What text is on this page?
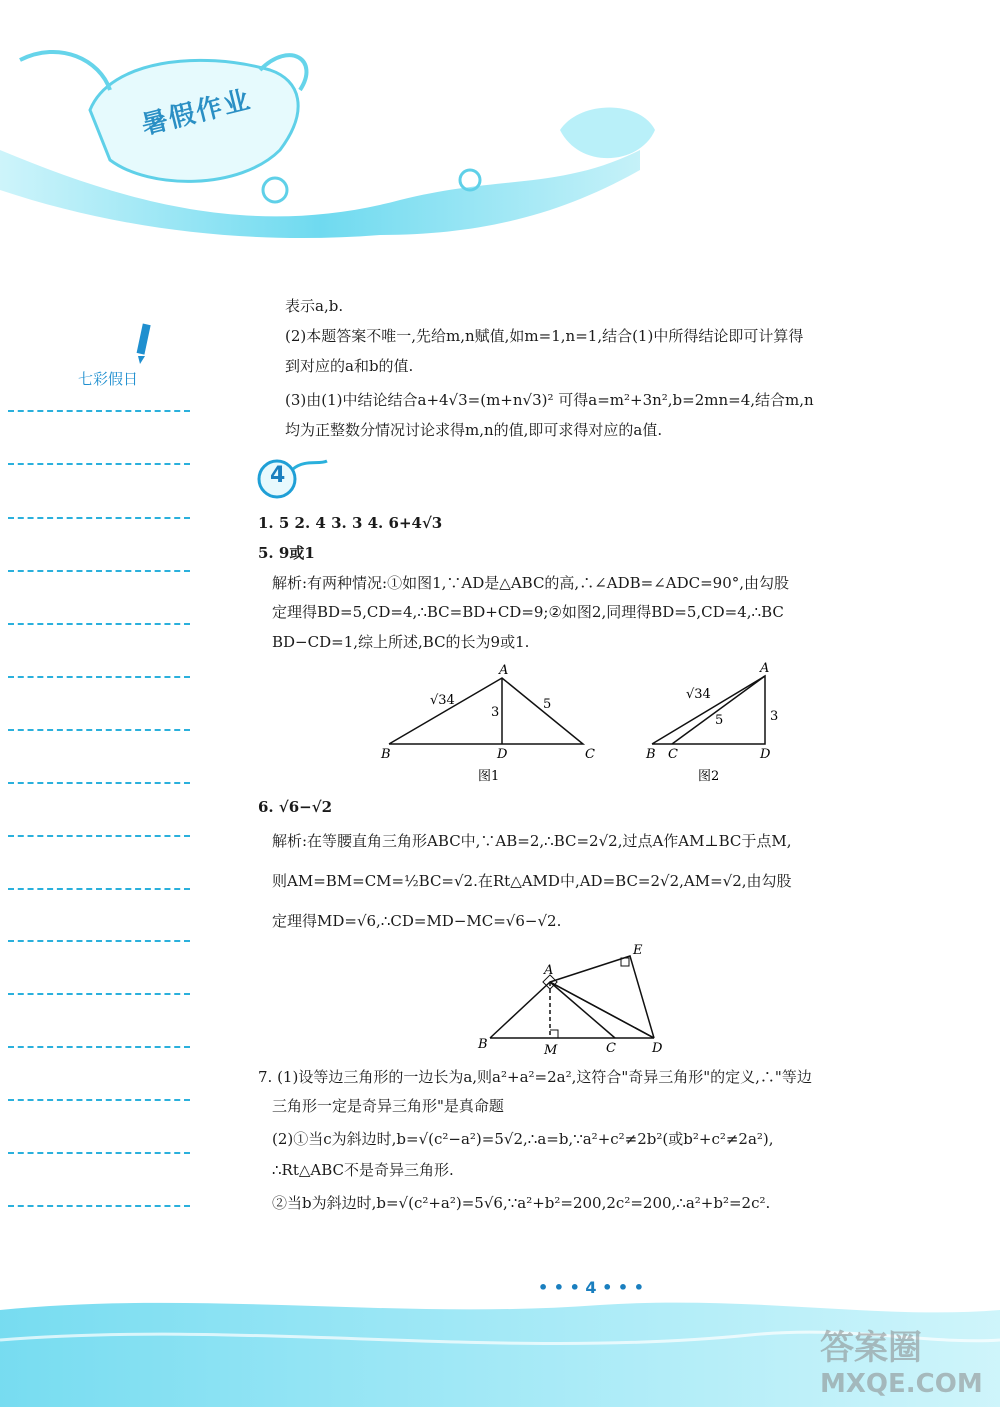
暑假作业
七彩假日
表示a,b.
(2)本题答案不唯一,先给m,n赋值,如m=1,n=1,结合(1)中所得结论即可计算得
到对应的a和b的值.
(3)由(1)中结论结合a+4√3=(m+n√3)² 可得a=m²+3n²,b=2mn=4,结合m,n
均为正整数分情况讨论求得m,n的值,即可求得对应的a值.
4
1. 5 2. 4 3. 3 4. 6+4√3
5. 9或1
解析:有两种情况:①如图1,∵AD是△ABC的高,∴∠ADB=∠ADC=90°,由勾股
定理得BD=5,CD=4,∴BC=BD+CD=9;②如图2,同理得BD=5,CD=4,∴BC
BD−CD=1,综上所述,BC的长为9或1.
A
B	D	C
√34
3
5
图1
A
B C	D
√34
5	3
图2
6. √6−√2
解析:在等腰直角三角形ABC中,∵AB=2,∴BC=2√2,过点A作AM⊥BC于点M,
则AM=BM=CM=½BC=√2.在Rt△AMD中,AD=BC=2√2,AM=√2,由勾股
定理得MD=√6,∴CD=MD−MC=√6−√2.
A
E
B	M	C	D
7. (1)设等边三角形的一边长为a,则a²+a²=2a²,这符合"奇异三角形"的定义,∴"等边
三角形一定是奇异三角形"是真命题
(2)①当c为斜边时,b=√(c²−a²)=5√2,∴a=b,∵a²+c²≠2b²(或b²+c²≠2a²),
∴Rt△ABC不是奇异三角形.
②当b为斜边时,b=√(c²+a²)=5√6,∵a²+b²=200,2c²=200,∴a²+b²=2c².
• • • 4 • • •
答案圈
MXQE.COM
